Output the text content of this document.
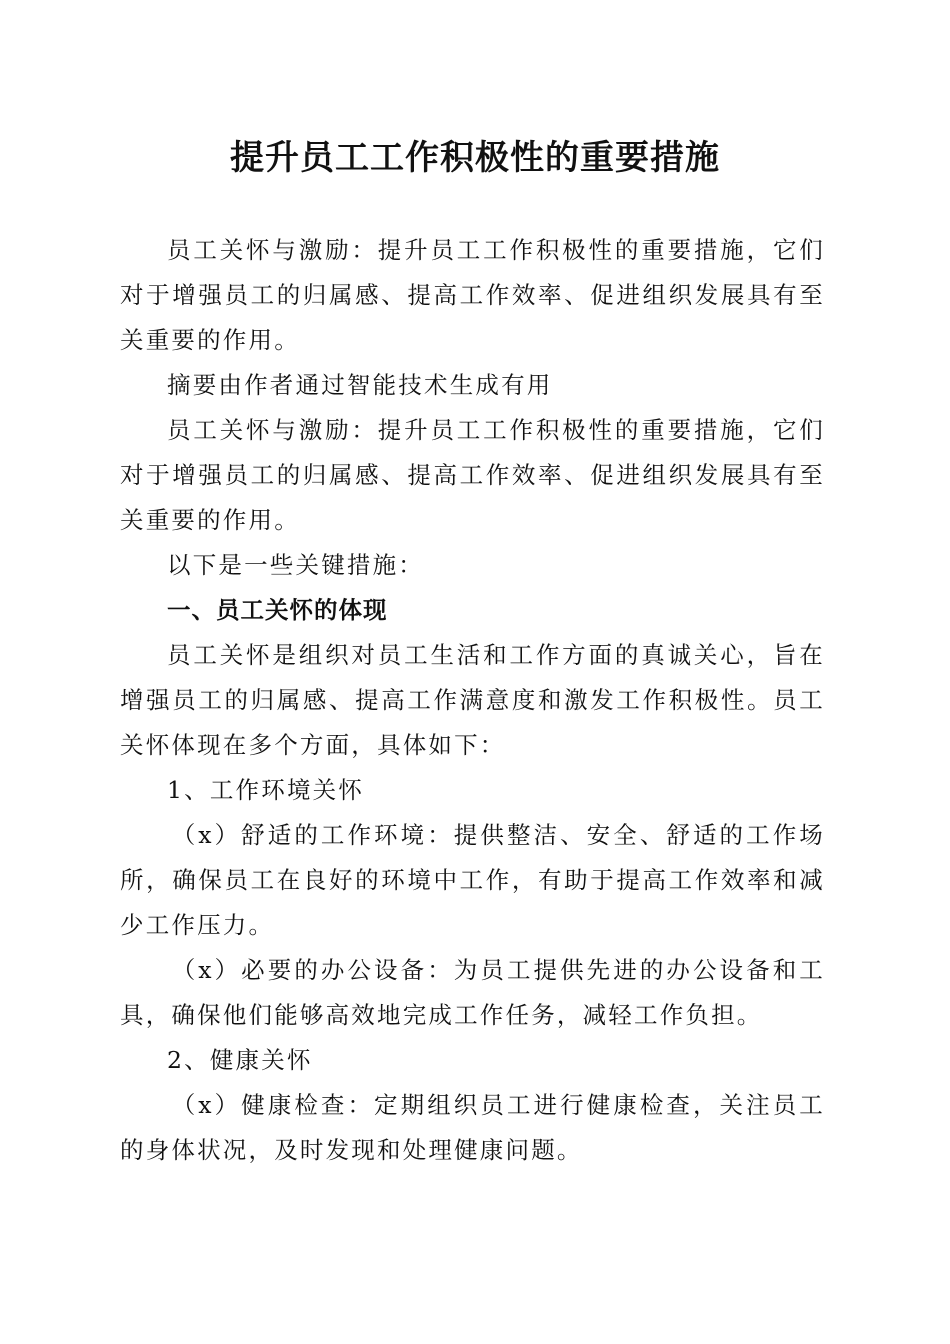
提升员工工作积极性的重要措施

员工关怀与激励：提升员工工作积极性的重要措施，它们对于增强员工的归属感、提高工作效率、促进组织发展具有至关重要的作用。

摘要由作者通过智能技术生成有用

员工关怀与激励：提升员工工作积极性的重要措施，它们对于增强员工的归属感、提高工作效率、促进组织发展具有至关重要的作用。

以下是一些关键措施：

一、员工关怀的体现

员工关怀是组织对员工生活和工作方面的真诚关心，旨在增强员工的归属感、提高工作满意度和激发工作积极性。员工关怀体现在多个方面，具体如下：

1、工作环境关怀

（x）舒适的工作环境：提供整洁、安全、舒适的工作场所，确保员工在良好的环境中工作，有助于提高工作效率和减少工作压力。

（x）必要的办公设备：为员工提供先进的办公设备和工具，确保他们能够高效地完成工作任务，减轻工作负担。

2、健康关怀

（x）健康检查：定期组织员工进行健康检查，关注员工的身体状况，及时发现和处理健康问题。
